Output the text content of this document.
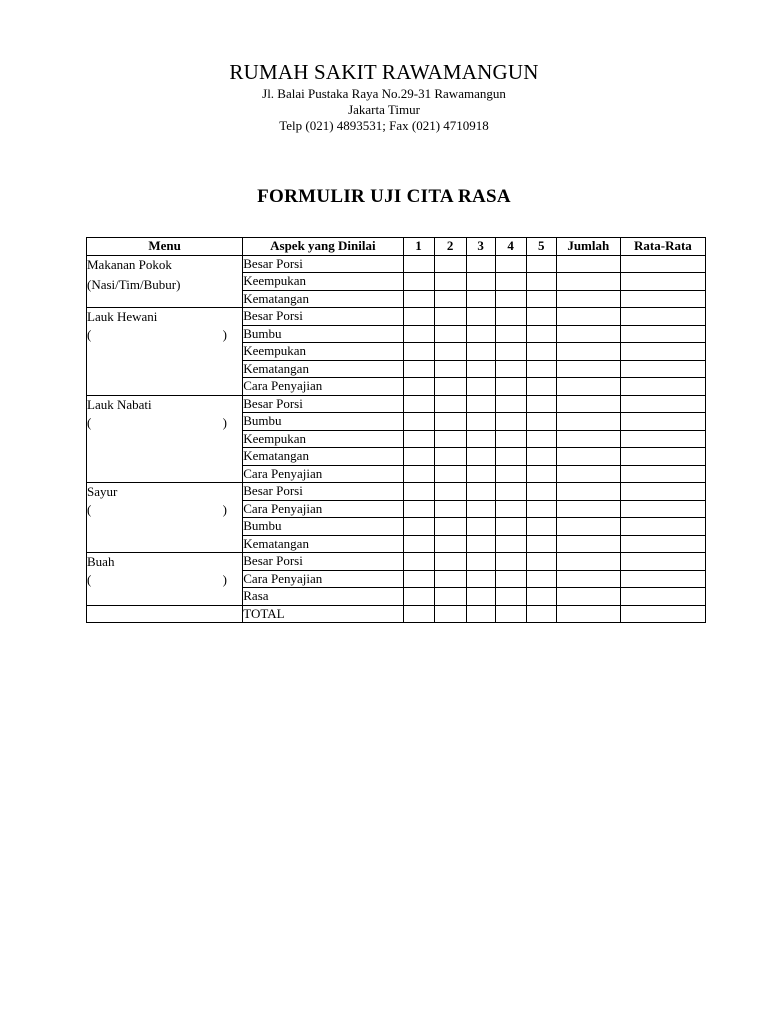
RUMAH SAKIT RAWAMANGUN
Jl. Balai Pustaka Raya No.29-31 Rawamangun
Jakarta Timur
Telp (021) 4893531; Fax (021) 4710918
FORMULIR UJI CITA RASA
Menu	Aspek yang Dinilai	1	2	3	4	5	Jumlah	Rata-Rata

Makanan Pokok
(Nasi/Tim/Bubur)	Besar Porsi							
	Keempukan							
	Kematangan							

Lauk Hewani
( )	Besar Porsi							
	Bumbu							
	Keempukan							
	Kematangan							
	Cara Penyajian							

Lauk Nabati
( )	Besar Porsi							
	Bumbu							
	Keempukan							
	Kematangan							
	Cara Penyajian							

Sayur
( )	Besar Porsi							
	Cara Penyajian							
	Bumbu							
	Kematangan							

Buah
( )	Besar Porsi							
	Cara Penyajian							
	Rasa							
	TOTAL							
